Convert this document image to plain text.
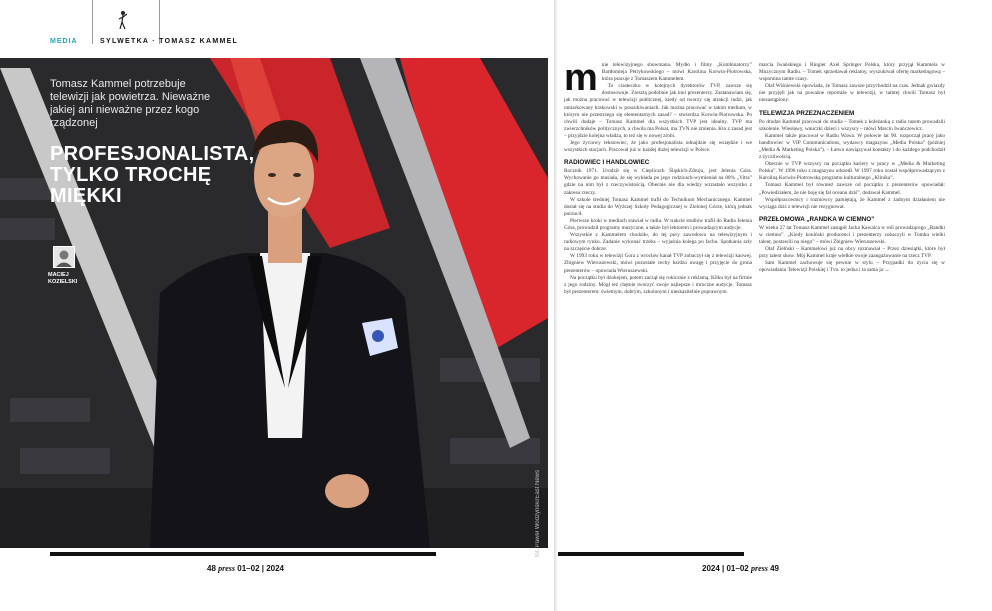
MEDIA	SYLWETKA · TOMASZ KAMMEL
fot. Paweł Wodzyński/East News
Tomasz Kammel potrzebuje telewizji jak powietrza. Nieważne jakiej ani nieważne przez kogo rządzonej
PROFESJONALISTA,
TYLKO TROCHĘ
MIĘKKI
MACIEJ
KOZIELSKI
m nie telewizyjnego showmana. Mydło i filmy „Kombinatorzy” Bartłomieja Petrykowskiego – mówi Karolina Korwin-Piotrowska, która pracuje z Tomaszem Kammelem.

To ciasteczko w kolejnych dyrektorów TVP, zawsze się dostosowuje. Zresztą podobnie jak inni prezenterzy. Zastanawiam się, jak można pracować w telewizji publicznej, kiedy od tworzy się atrakcji ludzi, jak umiarkowany krakowski w poszukiwaniach. Jak można pracować w takim medium, w którym nie przestrzega się elementarnych zasad? – stwierdza Korwin-Piotrowska. Po chwili dodaje – Tomasz Kammel dla wszystkich TVP jest idealny. TVP ma zwierzchników politycznych, a chwila ma Polsat, ma TVN nie zmienia. Kto z zasad jest – przyjdzie kolejna władza, to też się w nowej zrobi.

Jego życiowy tekstowiec, że jako profesjonalista odnajdzie się wszędzie i we wszystkich stacjach. Pracował już w każdej dużej telewizji w Polsce.

RADIOWIEC I HANDLOWIEC

Rocznik 1971. Urodził się w Cieplicach Śląskich-Zdroju, jest Jelenia Góra. Wychowanie go musiała, że się wykłada po jego rodzicach-wymieniał na 80% „Vitra” gdzie na nim był z rzeczywistością. Obecnie nie dla wiedzy wzrastało wszystko z zakresu rzeczy.

W szkole średniej Tomasz Kammel trafił do Technikum Mechanicznego. Kammel dostał się na studia do Wyższej Szkoły Pedagogicznej w Zielonej Górze, którą jednak porzucił.

Pierwsze kroki w mediach stawiał w radiu. W trakcie studiów trafił do Radia Jelenia Góra, prowadził programy muzyczne, a także był lektorem i prowadzącym audycje.

Wszystkie z Kammelem chodziło, do tej pory zawodowo na telewizyjnym i radiowym rynku. Zadanie wykonać trzeba – wyjaśnia kolega po fachu. Spotkania szły na szczęście dobrze.

W 1993 roku w telewizji Gora z wrocław kanał TVP zobaczył się z telewizji kaowej. Zbigniew Wieruszewski, mówi pozostałe cechy bardzo uwagę i przyjęcie do grona prezenterów – opowiada Wieruszewski.

Na początku był dżokejem, potem zaczął się rokicznie z reklamą. Kilku był na firmie z jego rodziny. Mógł też chętnie tworzyć swoje najlepsze i mroczne audycje. Tomasz był prezenterem: świetnym, dobrym, szkolonym i nieskazitelnie poprawnym.

marcia Iwańskiego i Ringier Axel Springer Polska, który przyjął Kammela w Muzycznym Radiu. – Tomek sprzedawał reklamy, wyszukiwał ofertę marketingową – wspomina tamte czasy.

Olaf Wiśniewski opowiada, że Tomasz zawsze przychodził na czas. Jednak gwiazdy nie przyjęli jak na poważne reportaże w telewizji, w tamtej chwili Tomasz był niezastąpiony.

TELEWIZJA PRZEZNACZENIEM

Po drodze Kammel pracował do studia – Tomek z koleżanką z radia razem prowadzili szkolenie. Wiesławy, wnuczki dzieci i wszyscy – mówi Marcin Iwańczewicz.

Kammel także pracował w Radiu Wawa. W połowie lat 90. rozpoczął pracę jako handlowiec w VIP Communications, wydawcy magazynu „Media Polska” (później „Media & Marketing Polska”). – Łatwo nawiązywał kontakty i do każdego podchodził z życzliwością.

Obecnie w TVP wszyscy na początku kariery w pracy w „Media & Marketing Polska”. W 1996 roku z magazynu odszedł. W 1997 roku został współprowadzącym z Karoliną Korwin-Piotrowską programu kulturalnego „Klinika”.

Tomasz Kammel był również zawsze od początku z prezenterów opowiadał: „Powiedziałem, że nie boję się fal oceanu dziś”, dodawał Kammel.

Współpracownicy i rozmówcy pamiętają, że Kammel z żadnym działaniem nie wyciąga dziś z telewizji nie rezygnował.

PRZEŁOMOWA „RANDKA W CIEMNO”

W wieku 27 lat Tomasz Kammel zastąpił Jacka Kawalca w roli prowadzącego „Randki w ciemno”. „Kiedy koniński producenci i prezenterzy zobaczyli w Tomku wielki talent, postawili na niego” – mówi Zbigniew Wieruszewski.

Olaf Zielński – Kammelowi już na obcy rozmawiał – Przez dziesiątki, które był przy talent show. Mój Kammel kraje wielkie swoje zaangażowanie na rzecz TVP.

Sam Kammel zachowuje się pewnie w stylu – Przypadki do życia się w opowiadaniu Telewizji Polskiej i Tvn. to jedna i ta sama ja →

48 press 01–02 | 2024	2024 | 01–02 press 49
